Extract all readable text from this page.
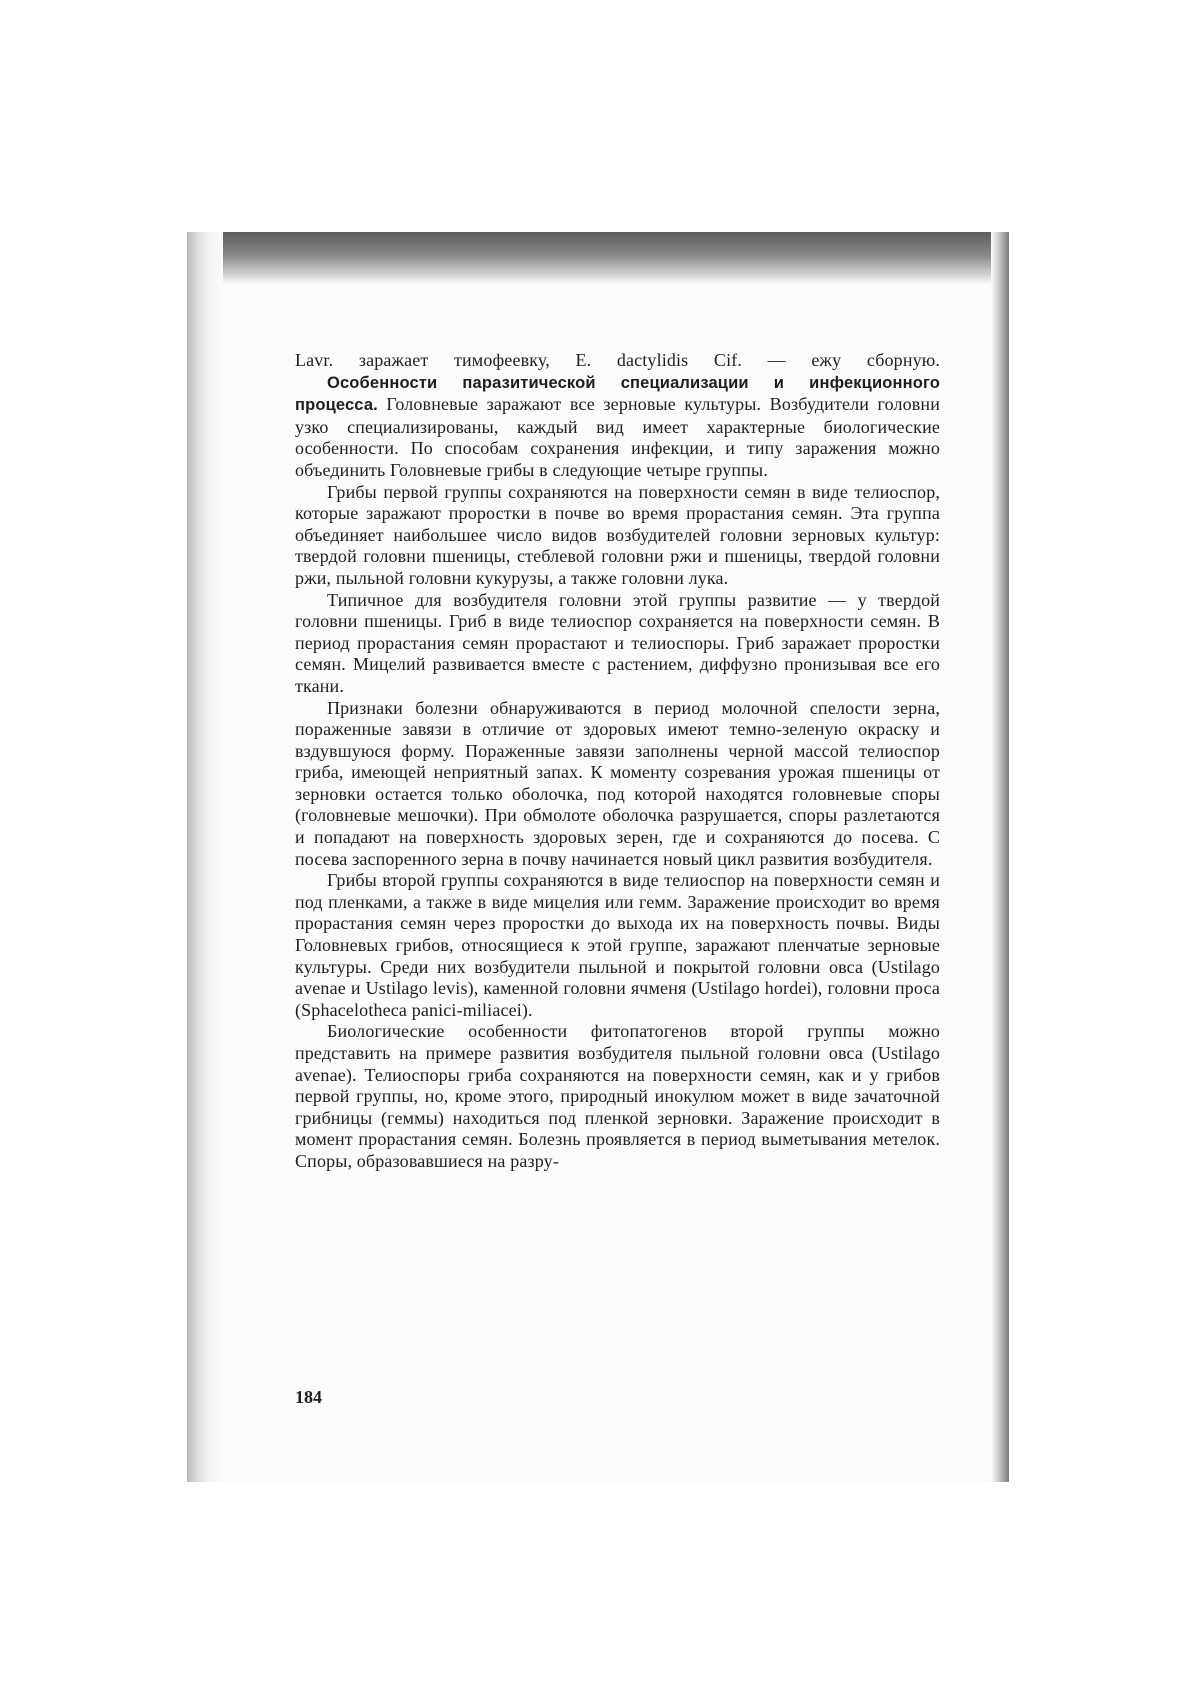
Lavr. заражает тимофеевку, E. dactylidis Cif. — ежу сборную.

Особенности паразитической специализации и инфекционного процесса. Головневые заражают все зерновые культуры. Возбудители головни узко специализированы, каждый вид имеет характерные биологические особенности. По способам сохранения инфекции, и типу заражения можно объединить Головневые грибы в следующие четыре группы.

Грибы первой группы сохраняются на поверхности семян в виде телиоспор, которые заражают проростки в почве во время прорастания семян. Эта группа объединяет наибольшее число видов возбудителей головни зерновых культур: твердой головни пшеницы, стеблевой головни ржи и пшеницы, твердой головни ржи, пыльной головни кукурузы, а также головни лука.

Типичное для возбудителя головни этой группы развитие — у твердой головни пшеницы. Гриб в виде телиоспор сохраняется на поверхности семян. В период прорастания семян прорастают и телиоспоры. Гриб заражает проростки семян. Мицелий развивается вместе с растением, диффузно пронизывая все его ткани.

Признаки болезни обнаруживаются в период молочной спелости зерна, пораженные завязи в отличие от здоровых имеют темно-зеленую окраску и вздувшуюся форму. Пораженные завязи заполнены черной массой телиоспор гриба, имеющей неприятный запах. К моменту созревания урожая пшеницы от зерновки остается только оболочка, под которой находятся головневые споры (головневые мешочки). При обмолоте оболочка разрушается, споры разлетаются и попадают на поверхность здоровых зерен, где и сохраняются до посева. С посева заспоренного зерна в почву начинается новый цикл развития возбудителя.

Грибы второй группы сохраняются в виде телиоспор на поверхности семян и под пленками, а также в виде мицелия или гемм. Заражение происходит во время прорастания семян через проростки до выхода их на поверхность почвы. Виды Головневых грибов, относящиеся к этой группе, заражают пленчатые зерновые культуры. Среди них возбудители пыльной и покрытой головни овса (Ustilago avenae и Ustilago levis), каменной головни ячменя (Ustilago hordei), головни проса (Sphacelotheca panici-miliacei).

Биологические особенности фитопатогенов второй группы можно представить на примере развития возбудителя пыльной головни овса (Ustilago avenae). Телиоспоры гриба сохраняются на поверхности семян, как и у грибов первой группы, но, кроме этого, природный инокулюм может в виде зачаточной грибницы (геммы) находиться под пленкой зерновки. Заражение происходит в момент прорастания семян. Болезнь проявляется в период выметывания метелок. Споры, образовавшиеся на разру-

184
